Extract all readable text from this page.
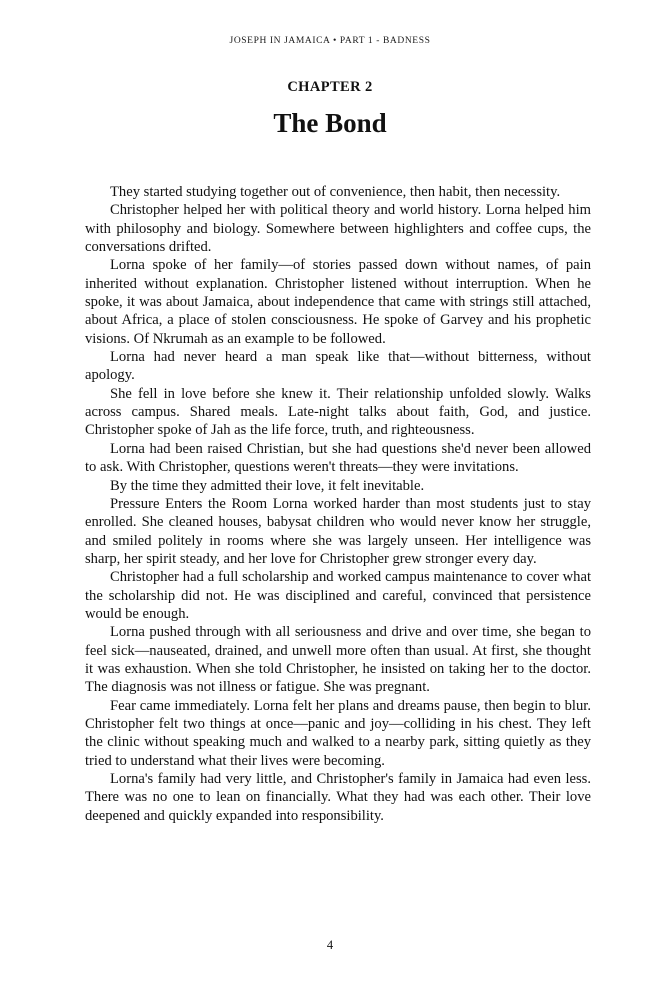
JOSEPH IN JAMAICA • PART 1 - BADNESS
CHAPTER 2
The Bond

They started studying together out of convenience, then habit, then necessity.

Christopher helped her with political theory and world history. Lorna helped him with philosophy and biology. Somewhere between highlighters and coffee cups, the conversations drifted.

Lorna spoke of her family—of stories passed down without names, of pain inherited without explanation. Christopher listened without interruption. When he spoke, it was about Jamaica, about independence that came with strings still attached, about Africa, a place of stolen consciousness. He spoke of Garvey and his prophetic visions. Of Nkrumah as an example to be followed.

Lorna had never heard a man speak like that—without bitterness, without apology.

She fell in love before she knew it. Their relationship unfolded slowly. Walks across campus. Shared meals. Late-night talks about faith, God, and justice. Christopher spoke of Jah as the life force, truth, and righteousness.

Lorna had been raised Christian, but she had questions she'd never been allowed to ask. With Christopher, questions weren't threats—they were invitations.

By the time they admitted their love, it felt inevitable.

Pressure Enters the Room Lorna worked harder than most students just to stay enrolled. She cleaned houses, babysat children who would never know her struggle, and smiled politely in rooms where she was largely unseen. Her intelligence was sharp, her spirit steady, and her love for Christopher grew stronger every day.

Christopher had a full scholarship and worked campus maintenance to cover what the scholarship did not. He was disciplined and careful, convinced that persistence would be enough.

Lorna pushed through with all seriousness and drive and over time, she began to feel sick—nauseated, drained, and unwell more often than usual. At first, she thought it was exhaustion. When she told Christopher, he insisted on taking her to the doctor. The diagnosis was not illness or fatigue. She was pregnant.

Fear came immediately. Lorna felt her plans and dreams pause, then begin to blur. Christopher felt two things at once—panic and joy—colliding in his chest. They left the clinic without speaking much and walked to a nearby park, sitting quietly as they tried to understand what their lives were becoming.

Lorna's family had very little, and Christopher's family in Jamaica had even less. There was no one to lean on financially. What they had was each other. Their love deepened and quickly expanded into responsibility.

4
